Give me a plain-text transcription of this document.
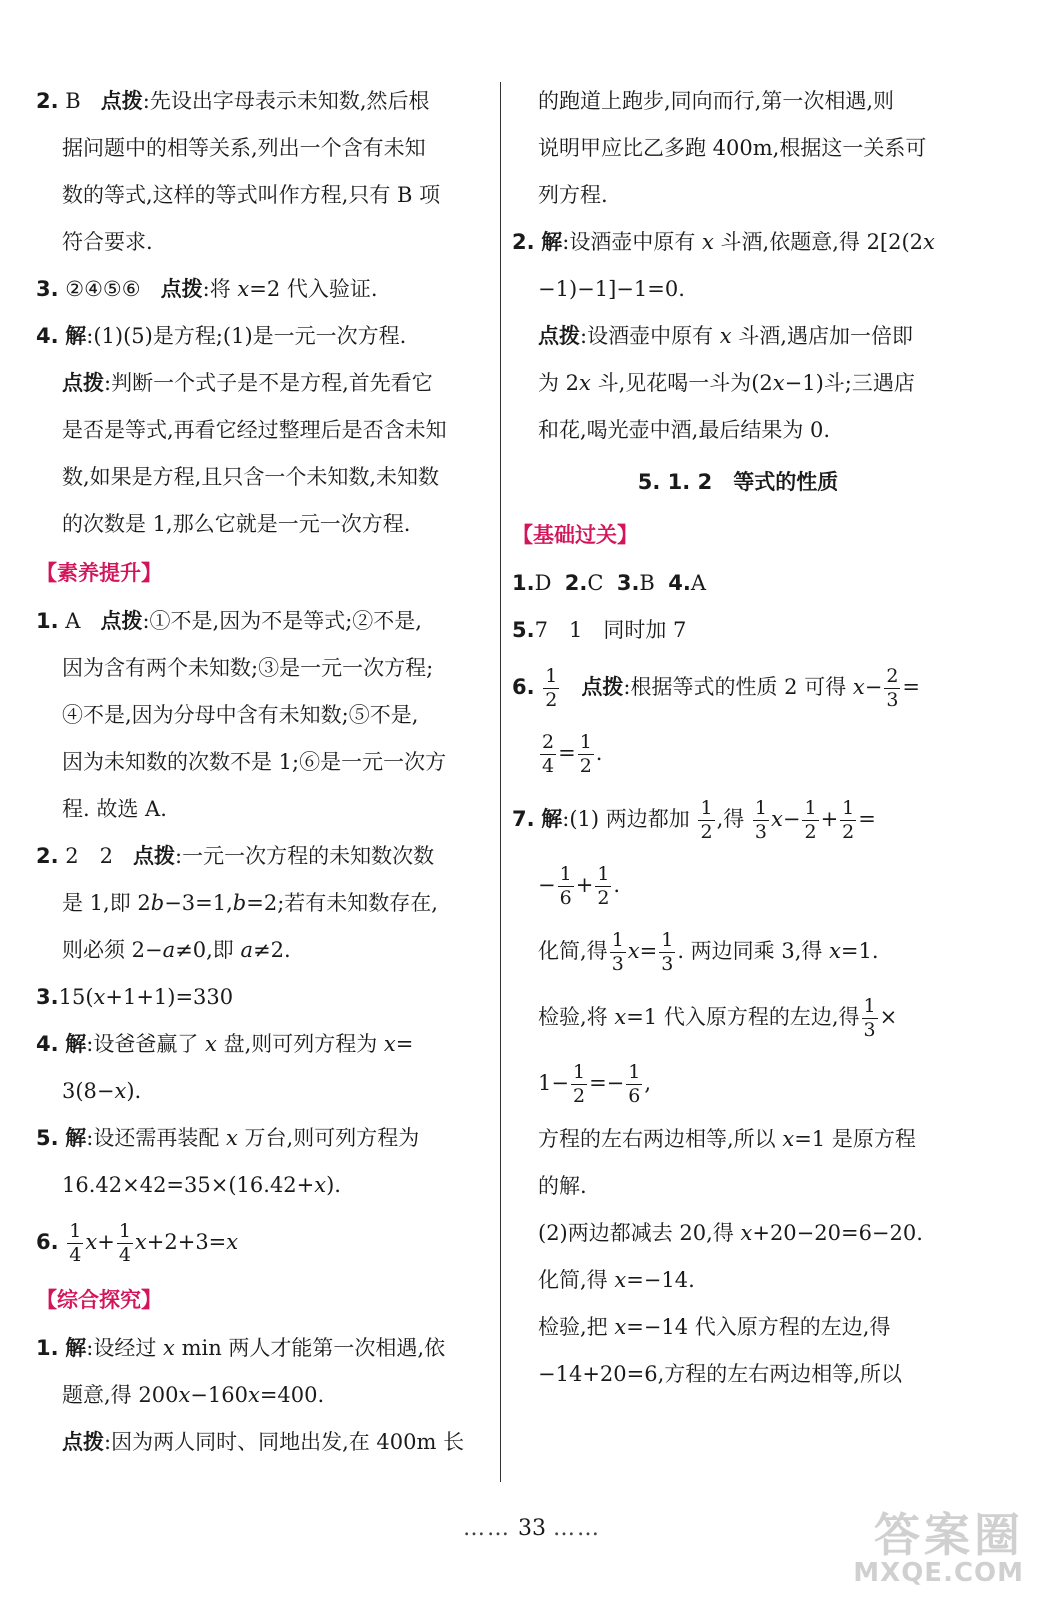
2. B 点拨:先设出字母表示未知数,然后根

据问题中的相等关系,列出一个含有未知

数的等式,这样的等式叫作方程,只有 B 项

符合要求.

3. ②④⑤⑥ 点拨:将 x=2 代入验证.

4. 解:(1)(5)是方程;(1)是一元一次方程.

点拨:判断一个式子是不是方程,首先看它

是否是等式,再看它经过整理后是否含未知

数,如果是方程,且只含一个未知数,未知数

的次数是 1,那么它就是一元一次方程.

【素养提升】

1. A 点拨:①不是,因为不是等式;②不是,

因为含有两个未知数;③是一元一次方程;

④不是,因为分母中含有未知数;⑤不是,

因为未知数的次数不是 1;⑥是一元一次方

程. 故选 A.

2. 2　2 点拨:一元一次方程的未知数次数

是 1,即 2b−3=1,b=2;若有未知数存在,

则必须 2−a≠0,即 a≠2.

3.15(x+1+1)=330

4. 解:设爸爸赢了 x 盘,则可列方程为 x=

3(8−x).

5. 解:设还需再装配 x 万台,则可列方程为

16.42×42=35×(16.42+x).

6. $\frac{1}{4} x+ \frac{1}{4} x+2+3=x$

【综合探究】

1. 解:设经过 x min 两人才能第一次相遇,依

题意,得 200x−160x=400.

点拨:因为两人同时、同地出发,在 400m 长

的跑道上跑步,同向而行,第一次相遇,则

说明甲应比乙多跑 400m,根据这一关系可

列方程.

2. 解:设酒壶中原有 x 斗酒,依题意,得 2[2(2x

−1)−1]−1=0.

点拨:设酒壶中原有 x 斗酒,遇店加一倍即

为 2x 斗,见花喝一斗为(2x−1)斗;三遇店

和花,喝光壶中酒,最后结果为 0.

5. 1. 2　等式的性质

【基础过关】

1.D 2.C 3.B 4.A

5.7　1　同时加 7

6. $\frac{1}{2}$ 点拨:根据等式的性质 2 可得 $x- \frac{2}{3}$ =

$\frac{2}{4} = \frac{1}{2}$ .

7. 解:(1) 两边都加 $\frac{1}{2}$ ,得 $\frac{1}{3} x- \frac{1}{2} + \frac{1}{2}$ =

− $\frac{1}{6} + \frac{1}{2}$ .

化简,得 $\frac{1}{3} x= \frac{1}{3}$ . 两边同乘 3,得 x=1.

检验,将 x=1 代入原方程的左边,得 $\frac{1}{3}$ ×

$1- \frac{1}{2} =- \frac{1}{6}$ ,

方程的左右两边相等,所以 x=1 是原方程

的解.

(2)两边都减去 20,得 x+20−20=6−20.

化简,得 x=−14.

检验,把 x=−14 代入原方程的左边,得

−14+20=6,方程的左右两边相等,所以

…… 33 ……	答案圈
MXQE.COM
